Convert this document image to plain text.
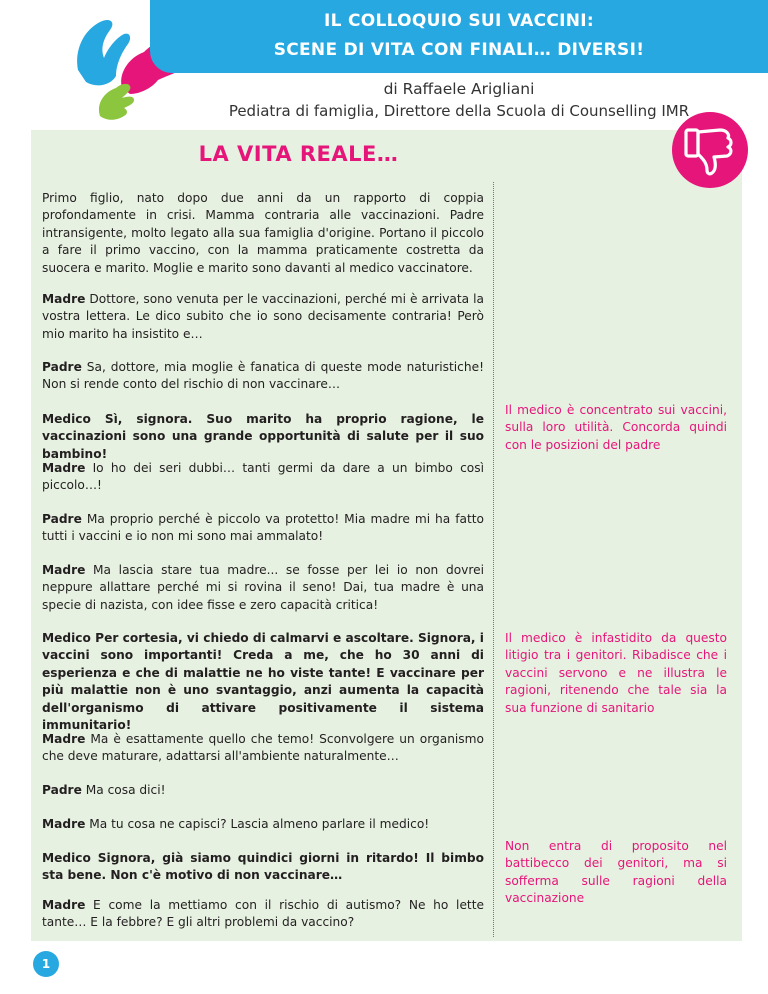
IL COLLOQUIO SUI VACCINI:
SCENE DI VITA CON FINALI… DIVERSI!
di Raffaele Arigliani
Pediatra di famiglia, Direttore della Scuola di Counselling IMR
LA VITA REALE…
Primo figlio, nato dopo due anni da un rapporto di coppia profondamente in crisi. Mamma contraria alle vaccinazioni. Padre intransigente, molto legato alla sua famiglia d'origine. Portano il piccolo a fare il primo vaccino, con la mamma praticamente costretta da suocera e marito. Moglie e marito sono davanti al medico vaccinatore.
Madre Dottore, sono venuta per le vaccinazioni, perché mi è arrivata la vostra lettera. Le dico subito che io sono decisamente contraria! Però mio marito ha insistito e…
Padre Sa, dottore, mia moglie è fanatica di queste mode naturistiche! Non si rende conto del rischio di non vaccinare…
Medico Sì, signora. Suo marito ha proprio ragione, le vaccinazioni sono una grande opportunità di salute per il suo bambino!
Madre Io ho dei seri dubbi… tanti germi da dare a un bimbo così piccolo…!
Padre Ma proprio perché è piccolo va protetto! Mia madre mi ha fatto tutti i vaccini e io non mi sono mai ammalato!
Madre Ma lascia stare tua madre... se fosse per lei io non dovrei neppure allattare perché mi si rovina il seno! Dai, tua madre è una specie di nazista, con idee fisse e zero capacità critica!
Medico Per cortesia, vi chiedo di calmarvi e ascoltare. Signora, i vaccini sono importanti! Creda a me, che ho 30 anni di esperienza e che di malattie ne ho viste tante! E vaccinare per più malattie non è uno svantaggio, anzi aumenta la capacità dell'organismo di attivare positivamente il sistema immunitario!
Madre Ma è esattamente quello che temo! Sconvolgere un organismo che deve maturare, adattarsi all'ambiente naturalmente…
Padre Ma cosa dici!
Madre Ma tu cosa ne capisci? Lascia almeno parlare il medico!
Medico Signora, già siamo quindici giorni in ritardo! Il bimbo sta bene. Non c'è motivo di non vaccinare…
Madre E come la mettiamo con il rischio di autismo? Ne ho lette tante… E la febbre? E gli altri problemi da vaccino?
Il medico è concentrato sui vaccini, sulla loro utilità. Concorda quindi con le posizioni del padre
Il medico è infastidito da questo litigio tra i genitori. Ribadisce che i vaccini servono e ne illustra le ragioni, ritenendo che tale sia la sua funzione di sanitario
Non entra di proposito nel battibecco dei genitori, ma si sofferma sulle ragioni della vaccinazione
1
